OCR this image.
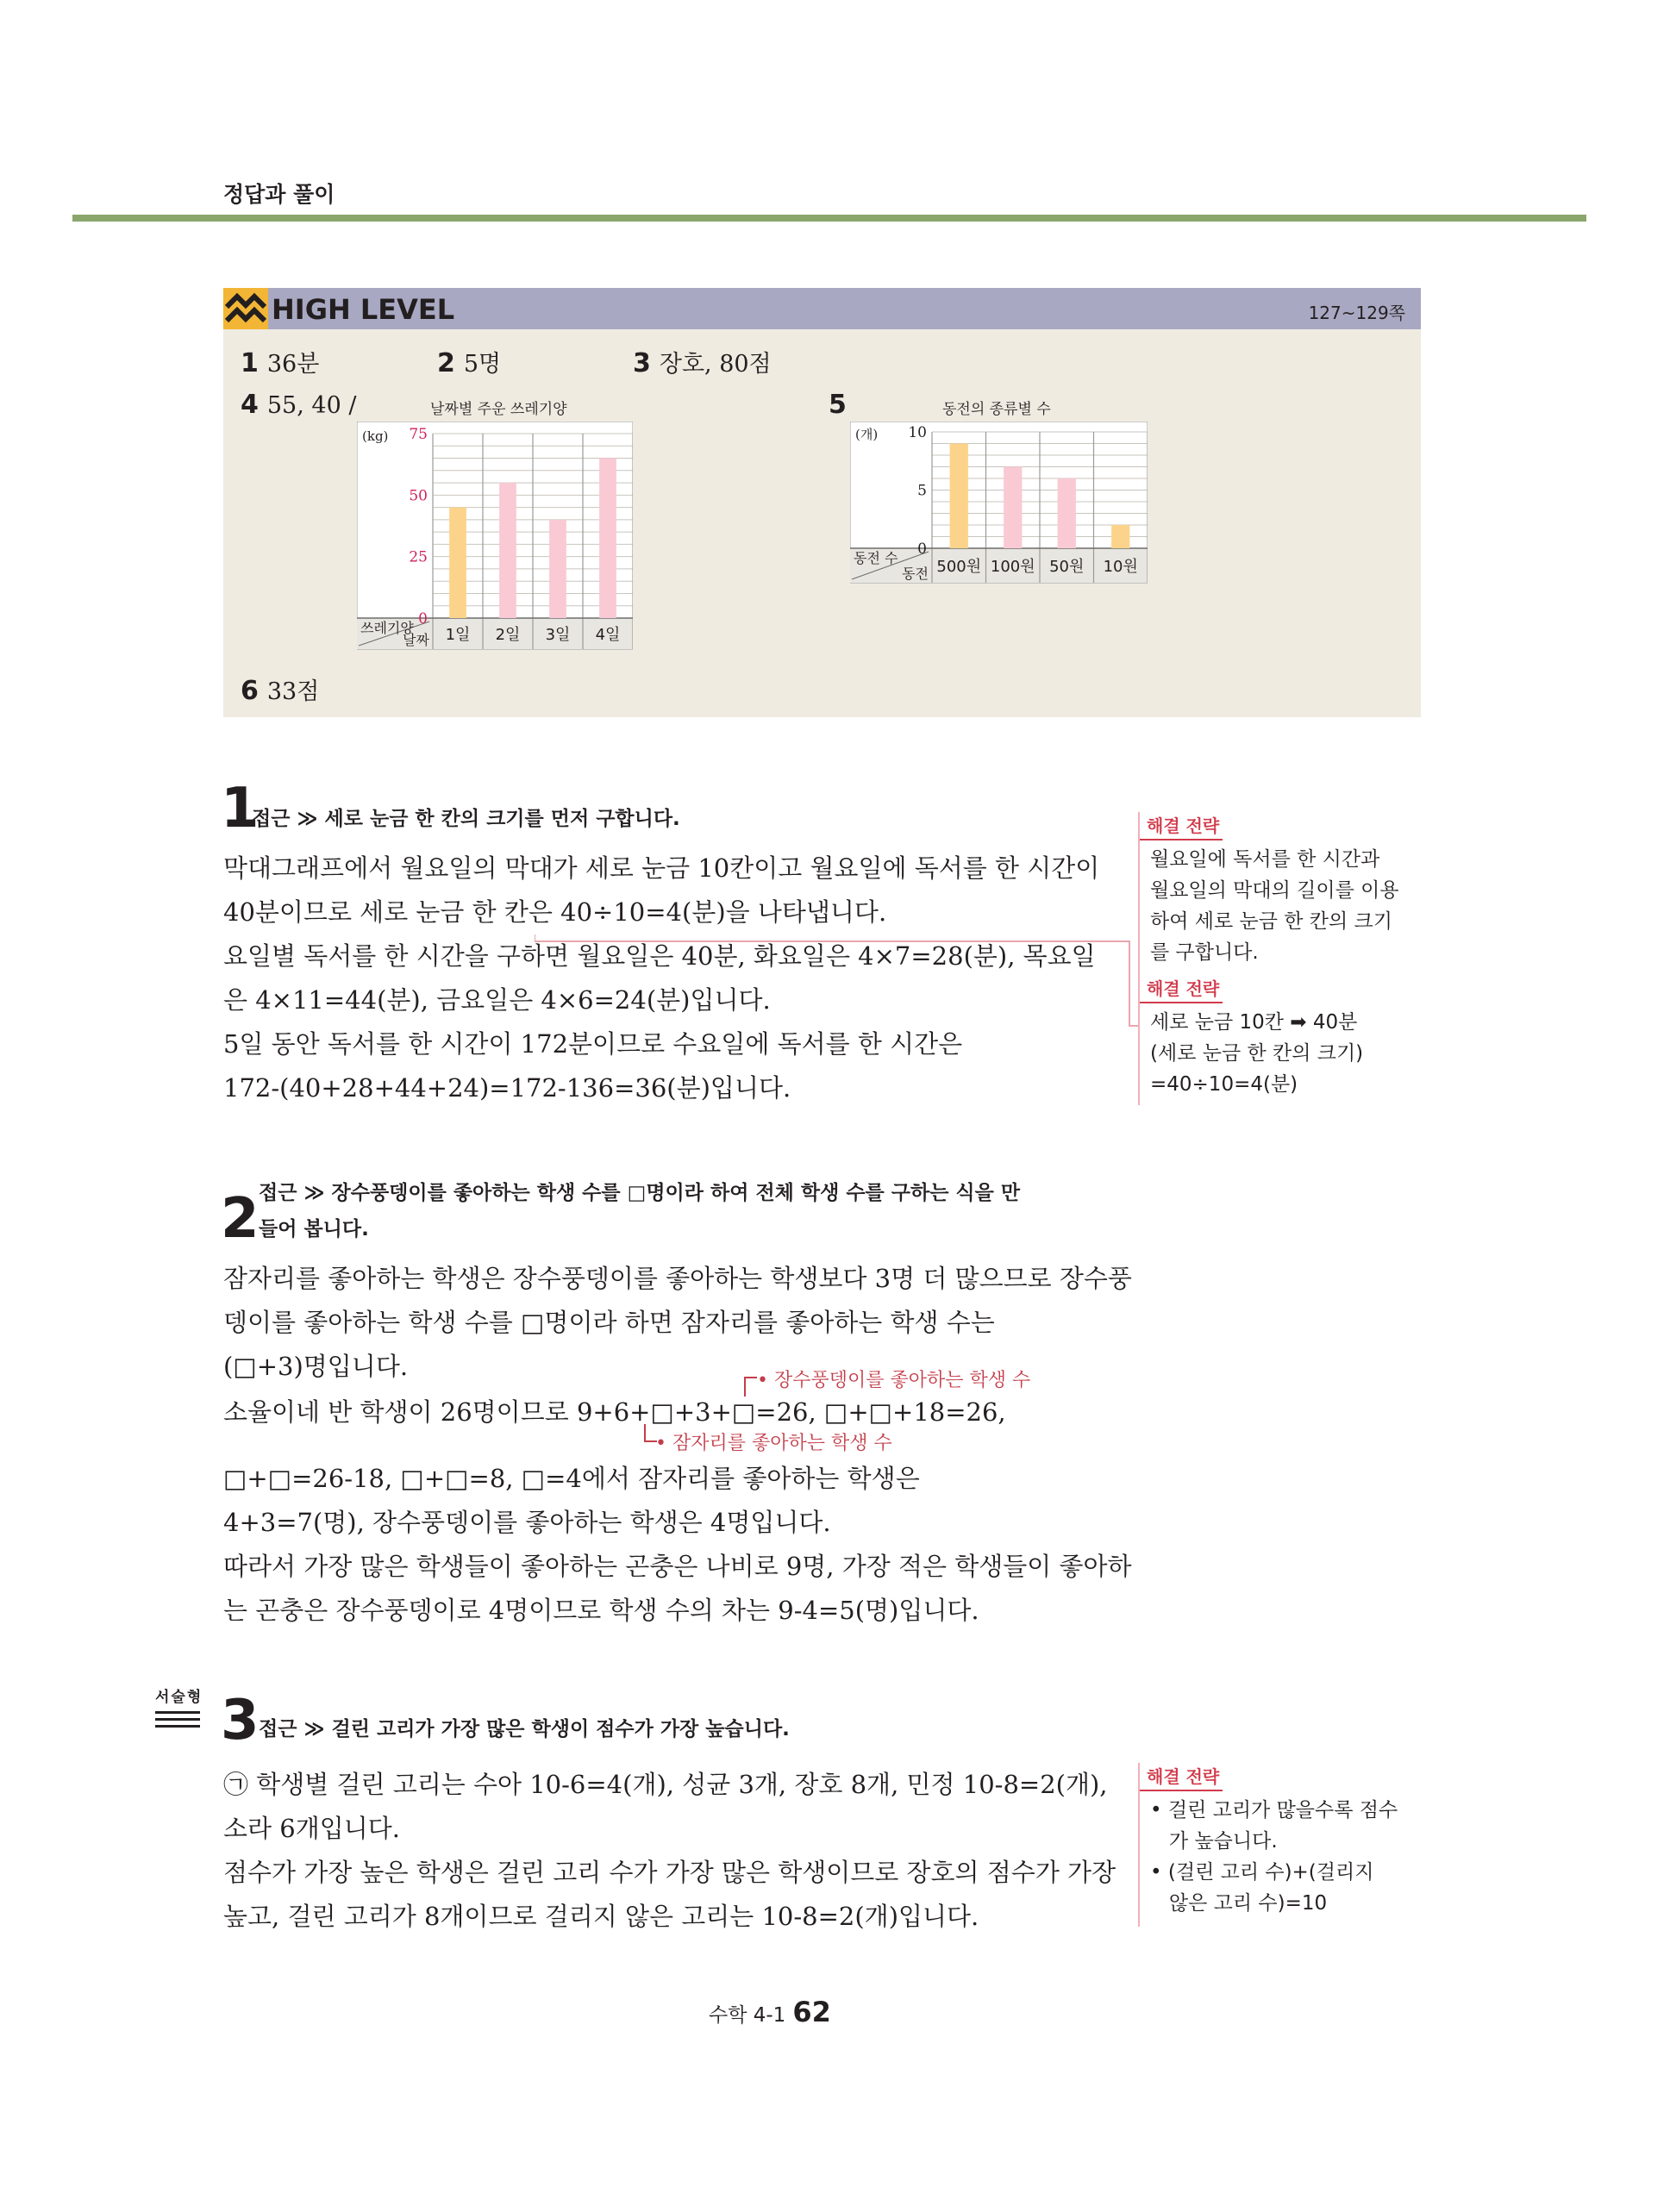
정답과 풀이
HIGH LEVEL	127~129쪽
1 36분	2 5명	3 장호, 80점
4 55, 40 /	5
6 33점
날짜별 주운 쓰레기양	동전의 종류별 수
0
25
50
75
(kg)
1일 2일 3일 4일
쓰레기양
날짜
0
5
10
(개)
500원 100원 50원 10원
동전 수
동전
1
접근 ≫ 세로 눈금 한 칸의 크기를 먼저 구합니다.
막대그래프에서 월요일의 막대가 세로 눈금 10칸이고 월요일에 독서를 한 시간이
40분이므로 세로 눈금 한 칸은 40÷10=4(분)을 나타냅니다.
요일별 독서를 한 시간을 구하면 월요일은 40분, 화요일은 4×7=28(분), 목요일
은 4×11=44(분), 금요일은 4×6=24(분)입니다.
5일 동안 독서를 한 시간이 172분이므로 수요일에 독서를 한 시간은
172-(40+28+44+24)=172-136=36(분)입니다.
해결 전략
월요일에 독서를 한 시간과
월요일의 막대의 길이를 이용
하여 세로 눈금 한 칸의 크기
를 구합니다.
해결 전략
세로 눈금 10칸 ➡ 40분
(세로 눈금 한 칸의 크기)
=40÷10=4(분)
2 접근 ≫ 장수풍뎅이를 좋아하는 학생 수를 □명이라 하여 전체 학생 수를 구하는 식을 만
들어 봅니다.
잠자리를 좋아하는 학생은 장수풍뎅이를 좋아하는 학생보다 3명 더 많으므로 장수풍
뎅이를 좋아하는 학생 수를 □명이라 하면 잠자리를 좋아하는 학생 수는
(□+3)명입니다.	• 장수풍뎅이를 좋아하는 학생 수
소율이네 반 학생이 26명이므로 9+6+□+3+□=26, □+□+18=26,
• 잠자리를 좋아하는 학생 수
□+□=26-18, □+□=8, □=4에서 잠자리를 좋아하는 학생은
4+3=7(명), 장수풍뎅이를 좋아하는 학생은 4명입니다.
따라서 가장 많은 학생들이 좋아하는 곤충은 나비로 9명, 가장 적은 학생들이 좋아하
는 곤충은 장수풍뎅이로 4명이므로 학생 수의 차는 9-4=5(명)입니다.
서술형 3 접근 ≫ 걸린 고리가 가장 많은 학생이 점수가 가장 높습니다.
㉠ 학생별 걸린 고리는 수아 10-6=4(개), 성균 3개, 장호 8개, 민정 10-8=2(개),
소라 6개입니다.
점수가 가장 높은 학생은 걸린 고리 수가 가장 많은 학생이므로 장호의 점수가 가장
높고, 걸린 고리가 8개이므로 걸리지 않은 고리는 10-8=2(개)입니다.
해결 전략
• 걸린 고리가 많을수록 점수
가 높습니다.
• (걸린 고리 수)+(걸리지
않은 고리 수)=10
수학 4-1 62
